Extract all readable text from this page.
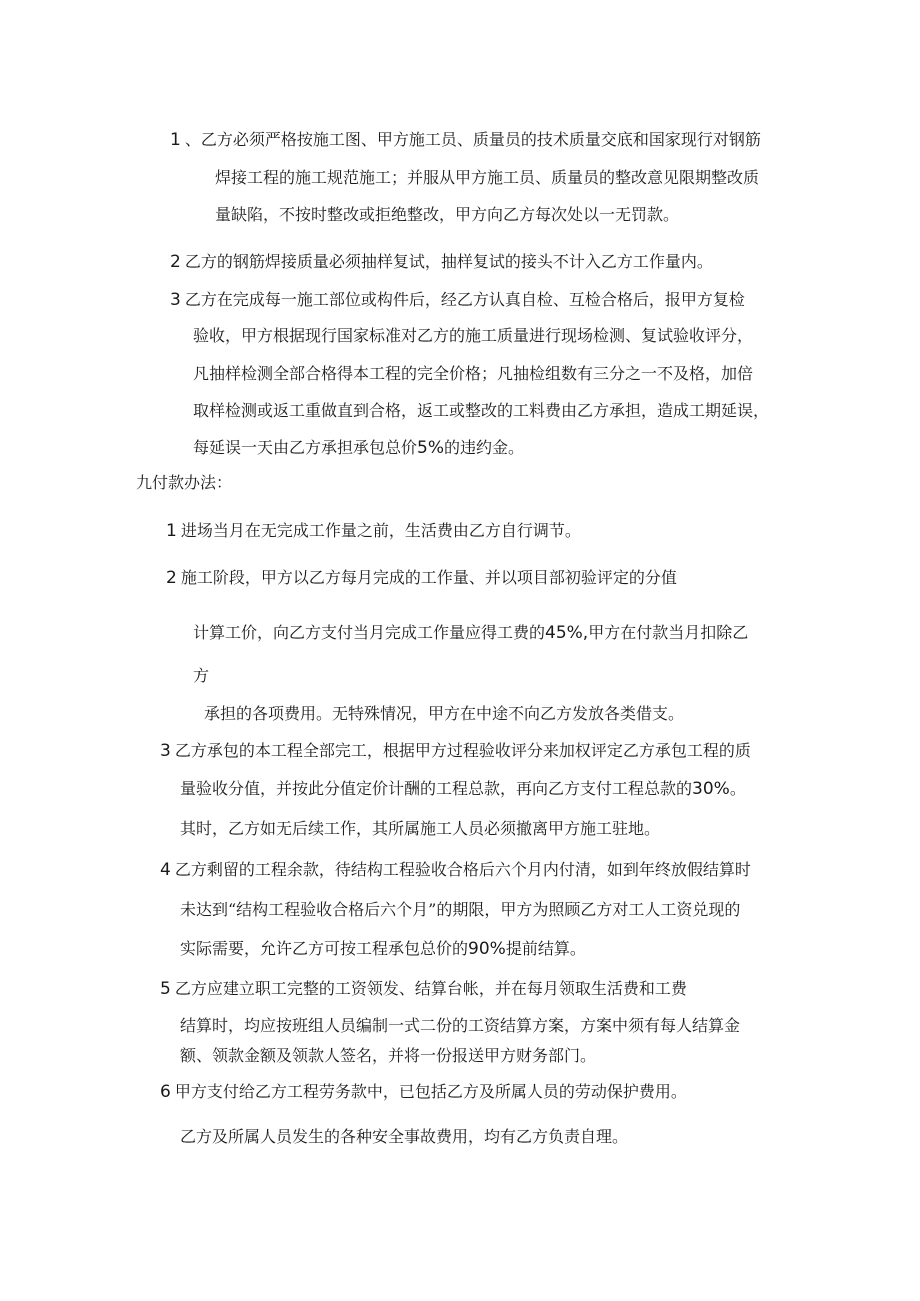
1 、乙方必须严格按施工图、甲方施工员、质量员的技术质量交底和国家现行对钢筋
焊接工程的施工规范施工；并服从甲方施工员、质量员的整改意见限期整改质
量缺陷，不按时整改或拒绝整改，甲方向乙方每次处以一无罚款。
2 乙方的钢筋焊接质量必须抽样复试，抽样复试的接头不计入乙方工作量内。
3 乙方在完成每一施工部位或构件后，经乙方认真自检、互检合格后，报甲方复检
验收，甲方根据现行国家标准对乙方的施工质量进行现场检测、复试验收评分，
凡抽样检测全部合格得本工程的完全价格；凡抽检组数有三分之一不及格，加倍
取样检测或返工重做直到合格，返工或整改的工料费由乙方承担，造成工期延误，
每延误一天由乙方承担承包总价5%的违约金。
九付款办法：
1 进场当月在无完成工作量之前，生活费由乙方自行调节。
2 施工阶段，甲方以乙方每月完成的工作量、并以项目部初验评定的分值
计算工价，向乙方支付当月完成工作量应得工费的45%,甲方在付款当月扣除乙
方
承担的各项费用。无特殊情况，甲方在中途不向乙方发放各类借支。
3 乙方承包的本工程全部完工，根据甲方过程验收评分来加权评定乙方承包工程的质
量验收分值，并按此分值定价计酬的工程总款，再向乙方支付工程总款的30%。
其时，乙方如无后续工作，其所属施工人员必须撤离甲方施工驻地。
4 乙方剩留的工程余款，待结构工程验收合格后六个月内付清，如到年终放假结算时
未达到“结构工程验收合格后六个月”的期限，甲方为照顾乙方对工人工资兑现的
实际需要，允许乙方可按工程承包总价的90%提前结算。
5 乙方应建立职工完整的工资领发、结算台帐，并在每月领取生活费和工费
结算时，均应按班组人员编制一式二份的工资结算方案，方案中须有每人结算金
额、领款金额及领款人签名，并将一份报送甲方财务部门。
6 甲方支付给乙方工程劳务款中，已包括乙方及所属人员的劳动保护费用。
乙方及所属人员发生的各种安全事故费用，均有乙方负责自理。
